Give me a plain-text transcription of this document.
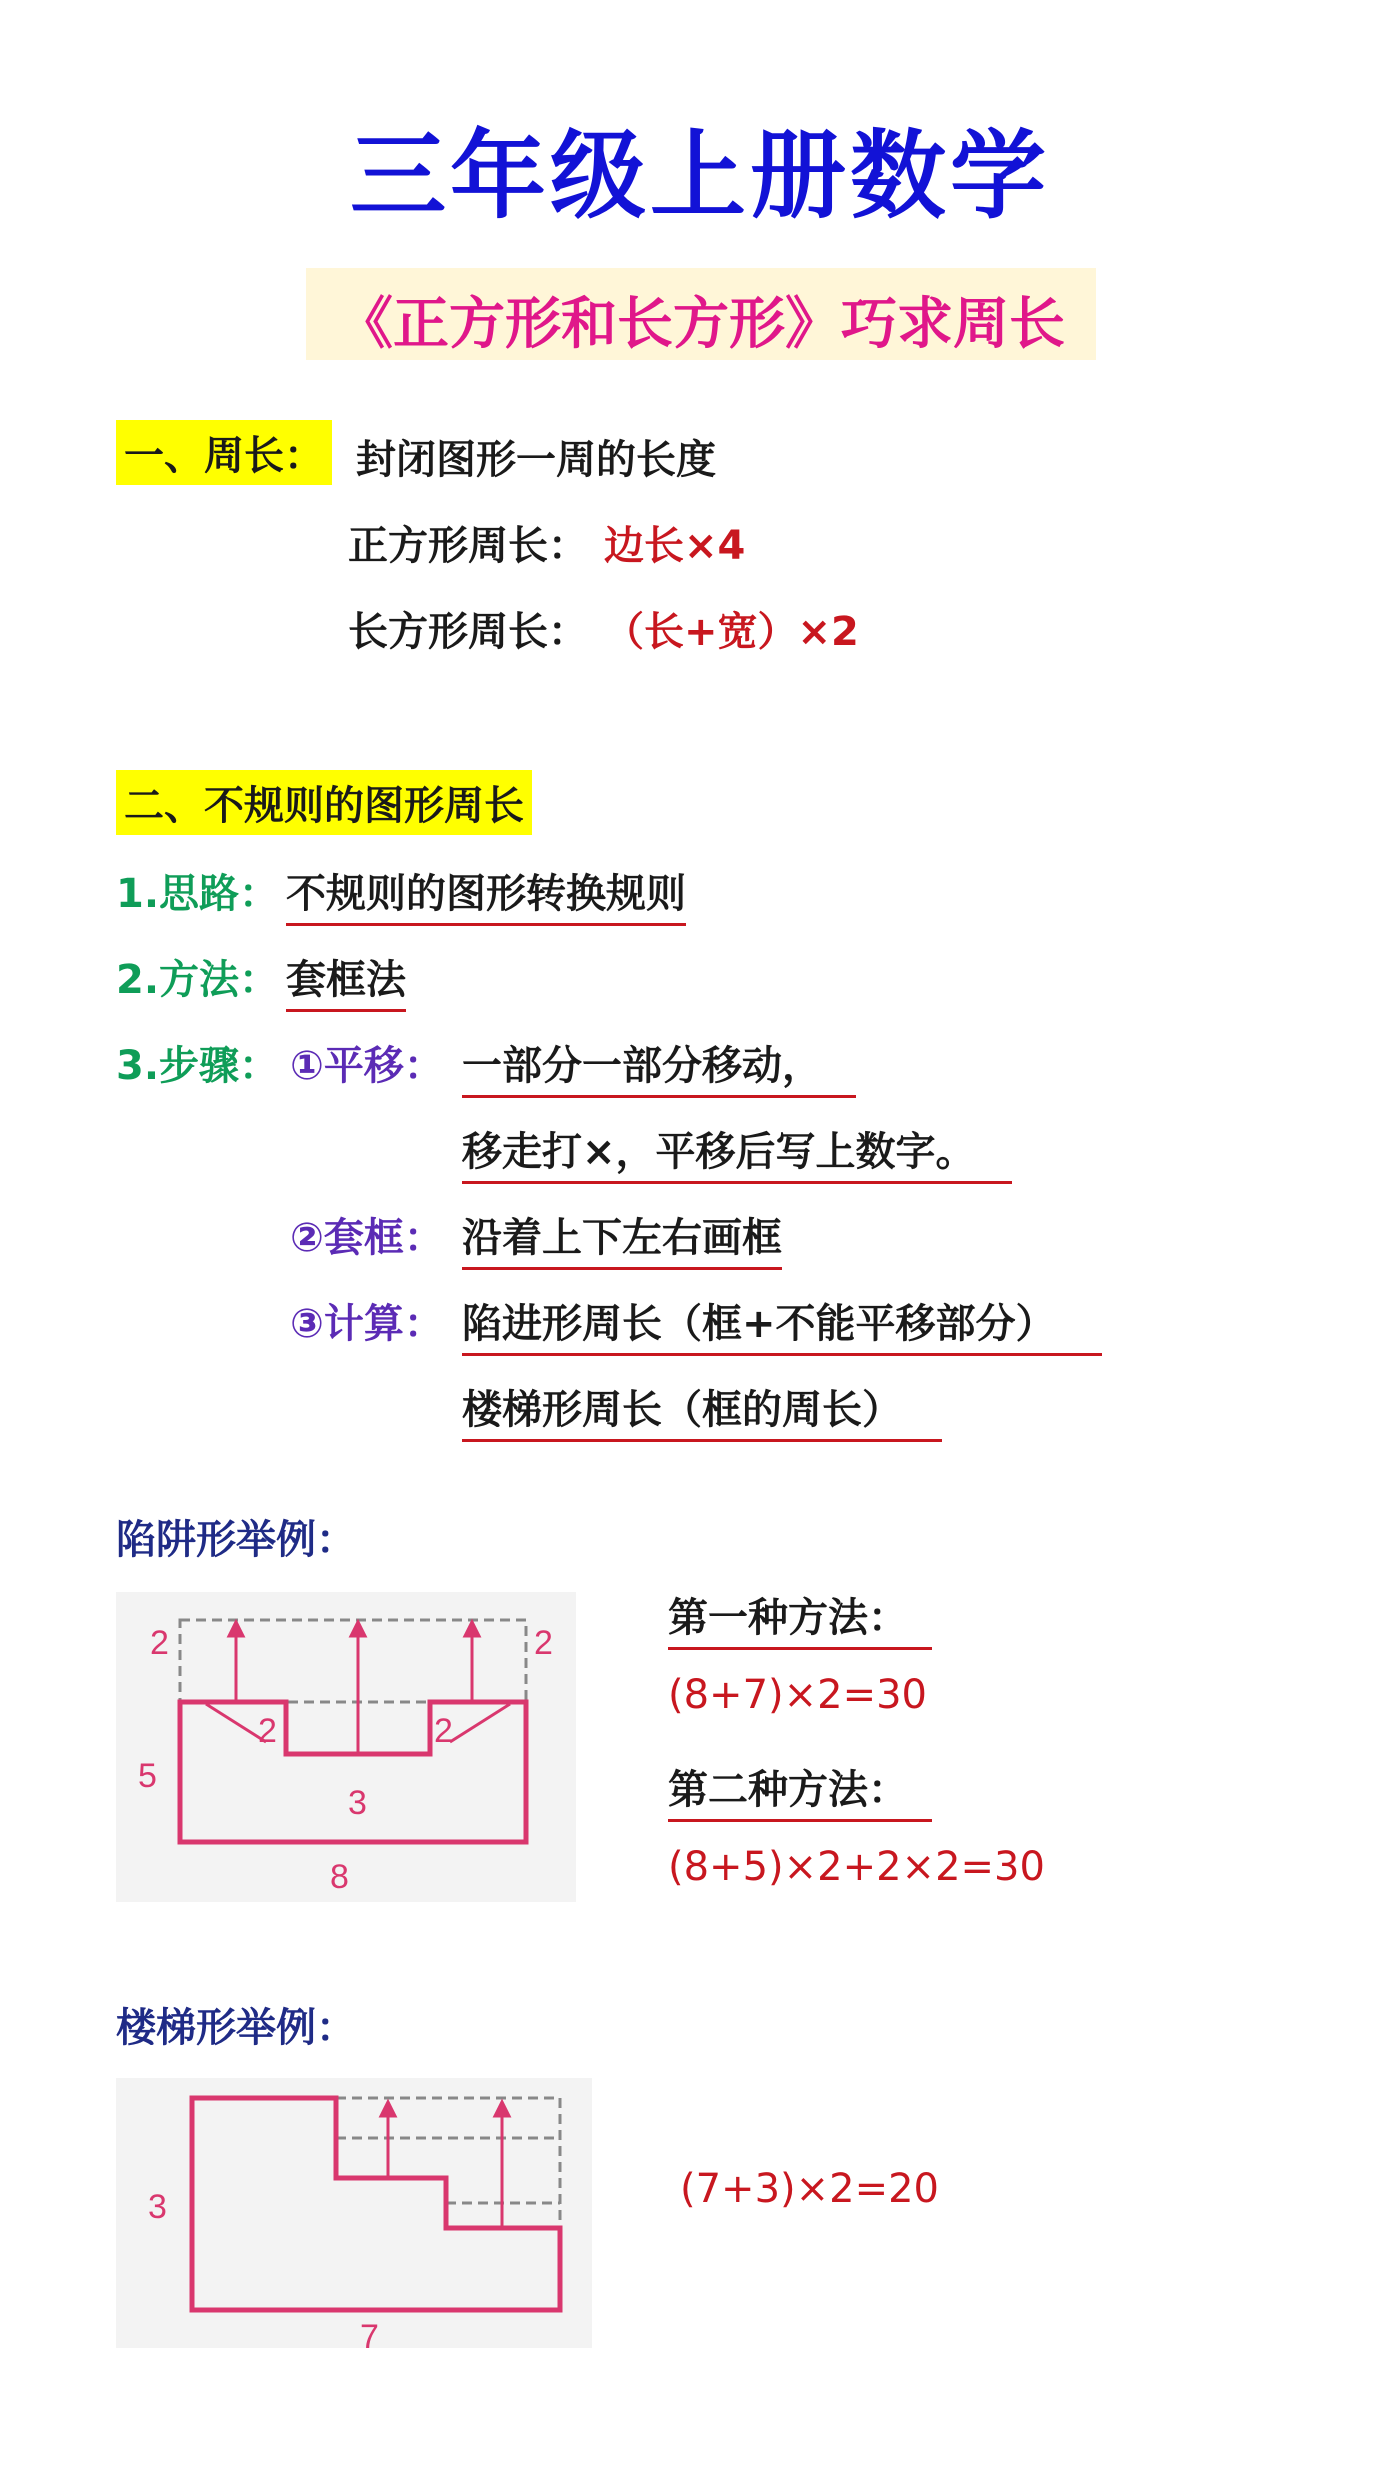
三年级上册数学
《正方形和长方形》巧求周长
一、周长： 封闭图形一周的长度
正方形周长： 边长×4
长方形周长： （长+宽）×2
二、不规则的图形周长
1.思路： 不规则的图形转换规则
2.方法： 套框法
3.步骤： ①平移： 一部分一部分移动，
移走打×，平移后写上数字。
②套框： 沿着上下左右画框
③计算： 陷进形周长（框+不能平移部分）
楼梯形周长（框的周长）
陷阱形举例：
5
8
3
2	2
2	2
第一种方法：
(8+7)×2=30
第二种方法：
(8+5)×2+2×2=30
楼梯形举例：
3
7
(7+3)×2=20
